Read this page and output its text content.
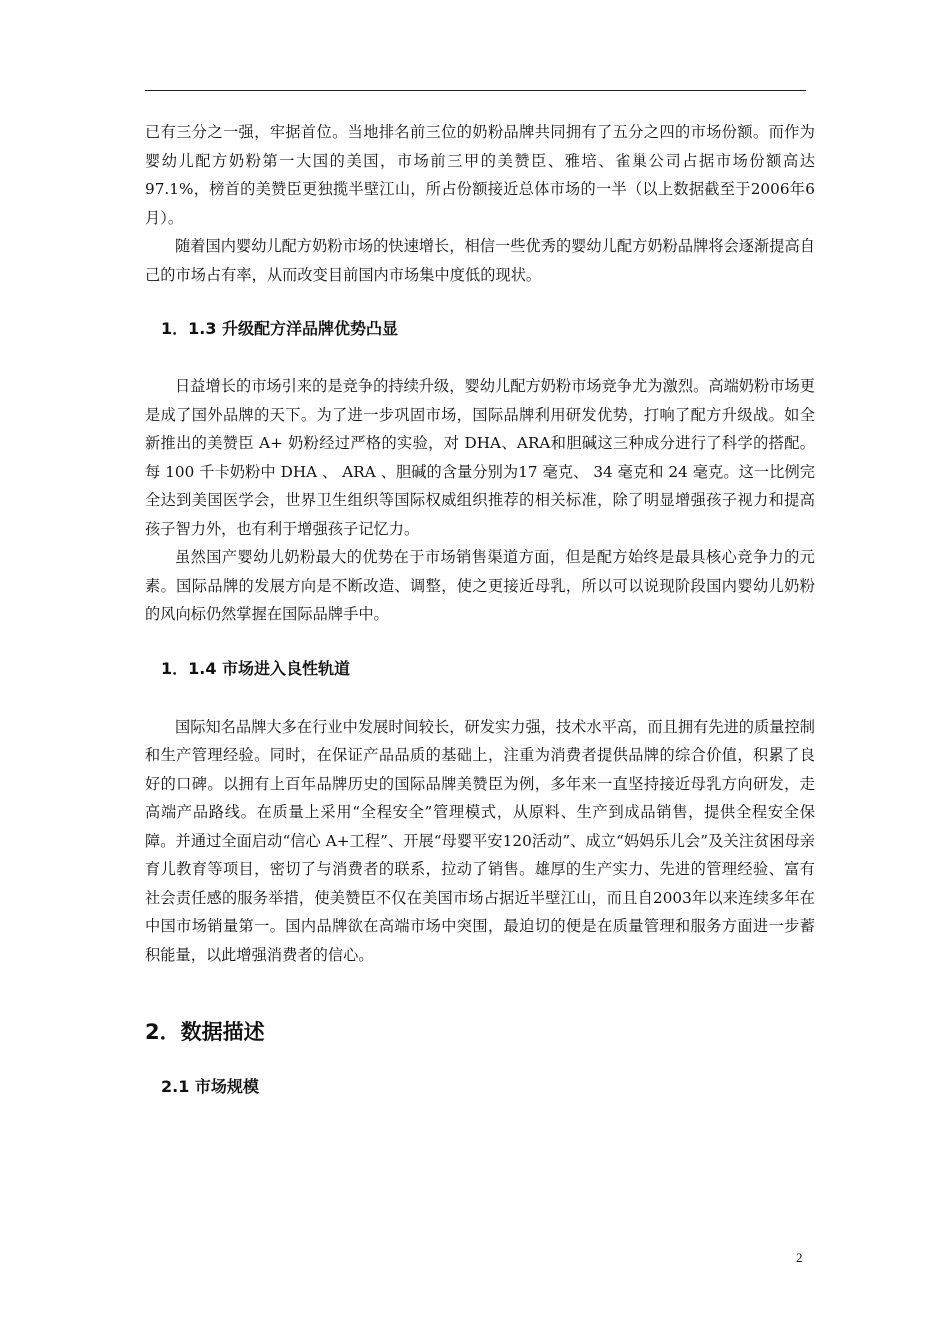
已有三分之一强，牢据首位。当地排名前三位的奶粉品牌共同拥有了五分之四的市场份额。而作为婴幼儿配方奶粉第一大国的美国，市场前三甲的美赞臣、雅培、雀巢公司占据市场份额高达 97.1%，榜首的美赞臣更独揽半壁江山，所占份额接近总体市场的一半（以上数据截至于2006年6月）。

随着国内婴幼儿配方奶粉市场的快速增长，相信一些优秀的婴幼儿配方奶粉品牌将会逐渐提高自己的市场占有率，从而改变目前国内市场集中度低的现状。

1．1.3 升级配方洋品牌优势凸显

日益增长的市场引来的是竞争的持续升级，婴幼儿配方奶粉市场竞争尤为激烈。高端奶粉市场更是成了国外品牌的天下。为了进一步巩固市场，国际品牌利用研发优势，打响了配方升级战。如全新推出的美赞臣 A+ 奶粉经过严格的实验，对 DHA、ARA和胆碱这三种成分进行了科学的搭配。 每 100 千卡奶粉中 DHA 、 ARA 、胆碱的含量分别为17 毫克、 34 毫克和 24 毫克。这一比例完全达到美国医学会，世界卫生组织等国际权威组织推荐的相关标准，除了明显增强孩子视力和提高孩子智力外，也有利于增强孩子记忆力。

虽然国产婴幼儿奶粉最大的优势在于市场销售渠道方面，但是配方始终是最具核心竞争力的元素。国际品牌的发展方向是不断改造、调整，使之更接近母乳，所以可以说现阶段国内婴幼儿奶粉的风向标仍然掌握在国际品牌手中。

1．1.4 市场进入良性轨道

国际知名品牌大多在行业中发展时间较长，研发实力强，技术水平高，而且拥有先进的质量控制和生产管理经验。同时，在保证产品品质的基础上，注重为消费者提供品牌的综合价值，积累了良好的口碑。以拥有上百年品牌历史的国际品牌美赞臣为例，多年来一直坚持接近母乳方向研发，走高端产品路线。在质量上采用“全程安全”管理模式，从原料、生产到成品销售，提供全程安全保障。并通过全面启动“信心 A+工程”、开展“母婴平安120活动”、成立“妈妈乐儿会”及关注贫困母亲育儿教育等项目，密切了与消费者的联系，拉动了销售。雄厚的生产实力、先进的管理经验、富有社会责任感的服务举措，使美赞臣不仅在美国市场占据近半壁江山，而且自2003年以来连续多年在中国市场销量第一。国内品牌欲在高端市场中突围，最迫切的便是在质量管理和服务方面进一步蓄积能量，以此增强消费者的信心。

2．数据描述
2.1 市场规模
2
